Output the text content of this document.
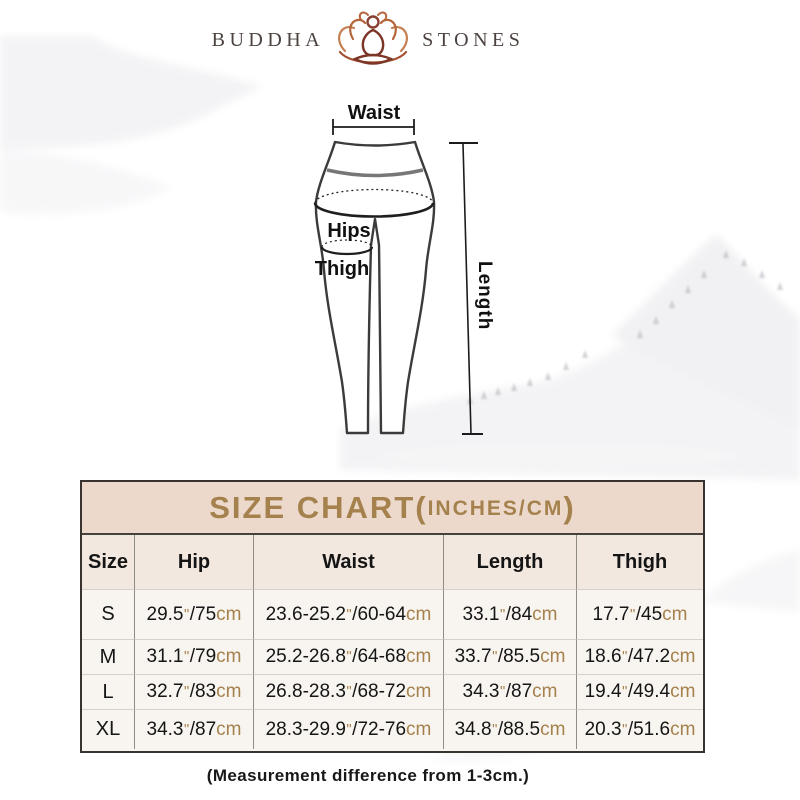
BUDDHA	STONES
Waist
Hips
Thigh	Length
SIZE CHART( INCHES/CM )
Size	Hip	Waist	Length	Thigh
S	29.5 " /75 cm	23.6-25.2 " /60-64 cm	33.1 " /84 cm	17.7 " /45 cm
M	31.1 " /79 cm	25.2-26.8 " /64-68 cm	33.7 " /85.5 cm	18.6 " /47.2 cm
L	32.7 " /83 cm	26.8-28.3 " /68-72 cm	34.3 " /87 cm	19.4 " /49.4 cm
XL	34.3 " /87 cm	28.3-29.9 " /72-76 cm	34.8 " /88.5 cm	20.3 " /51.6 cm
(Measurement difference from 1-3cm.)
